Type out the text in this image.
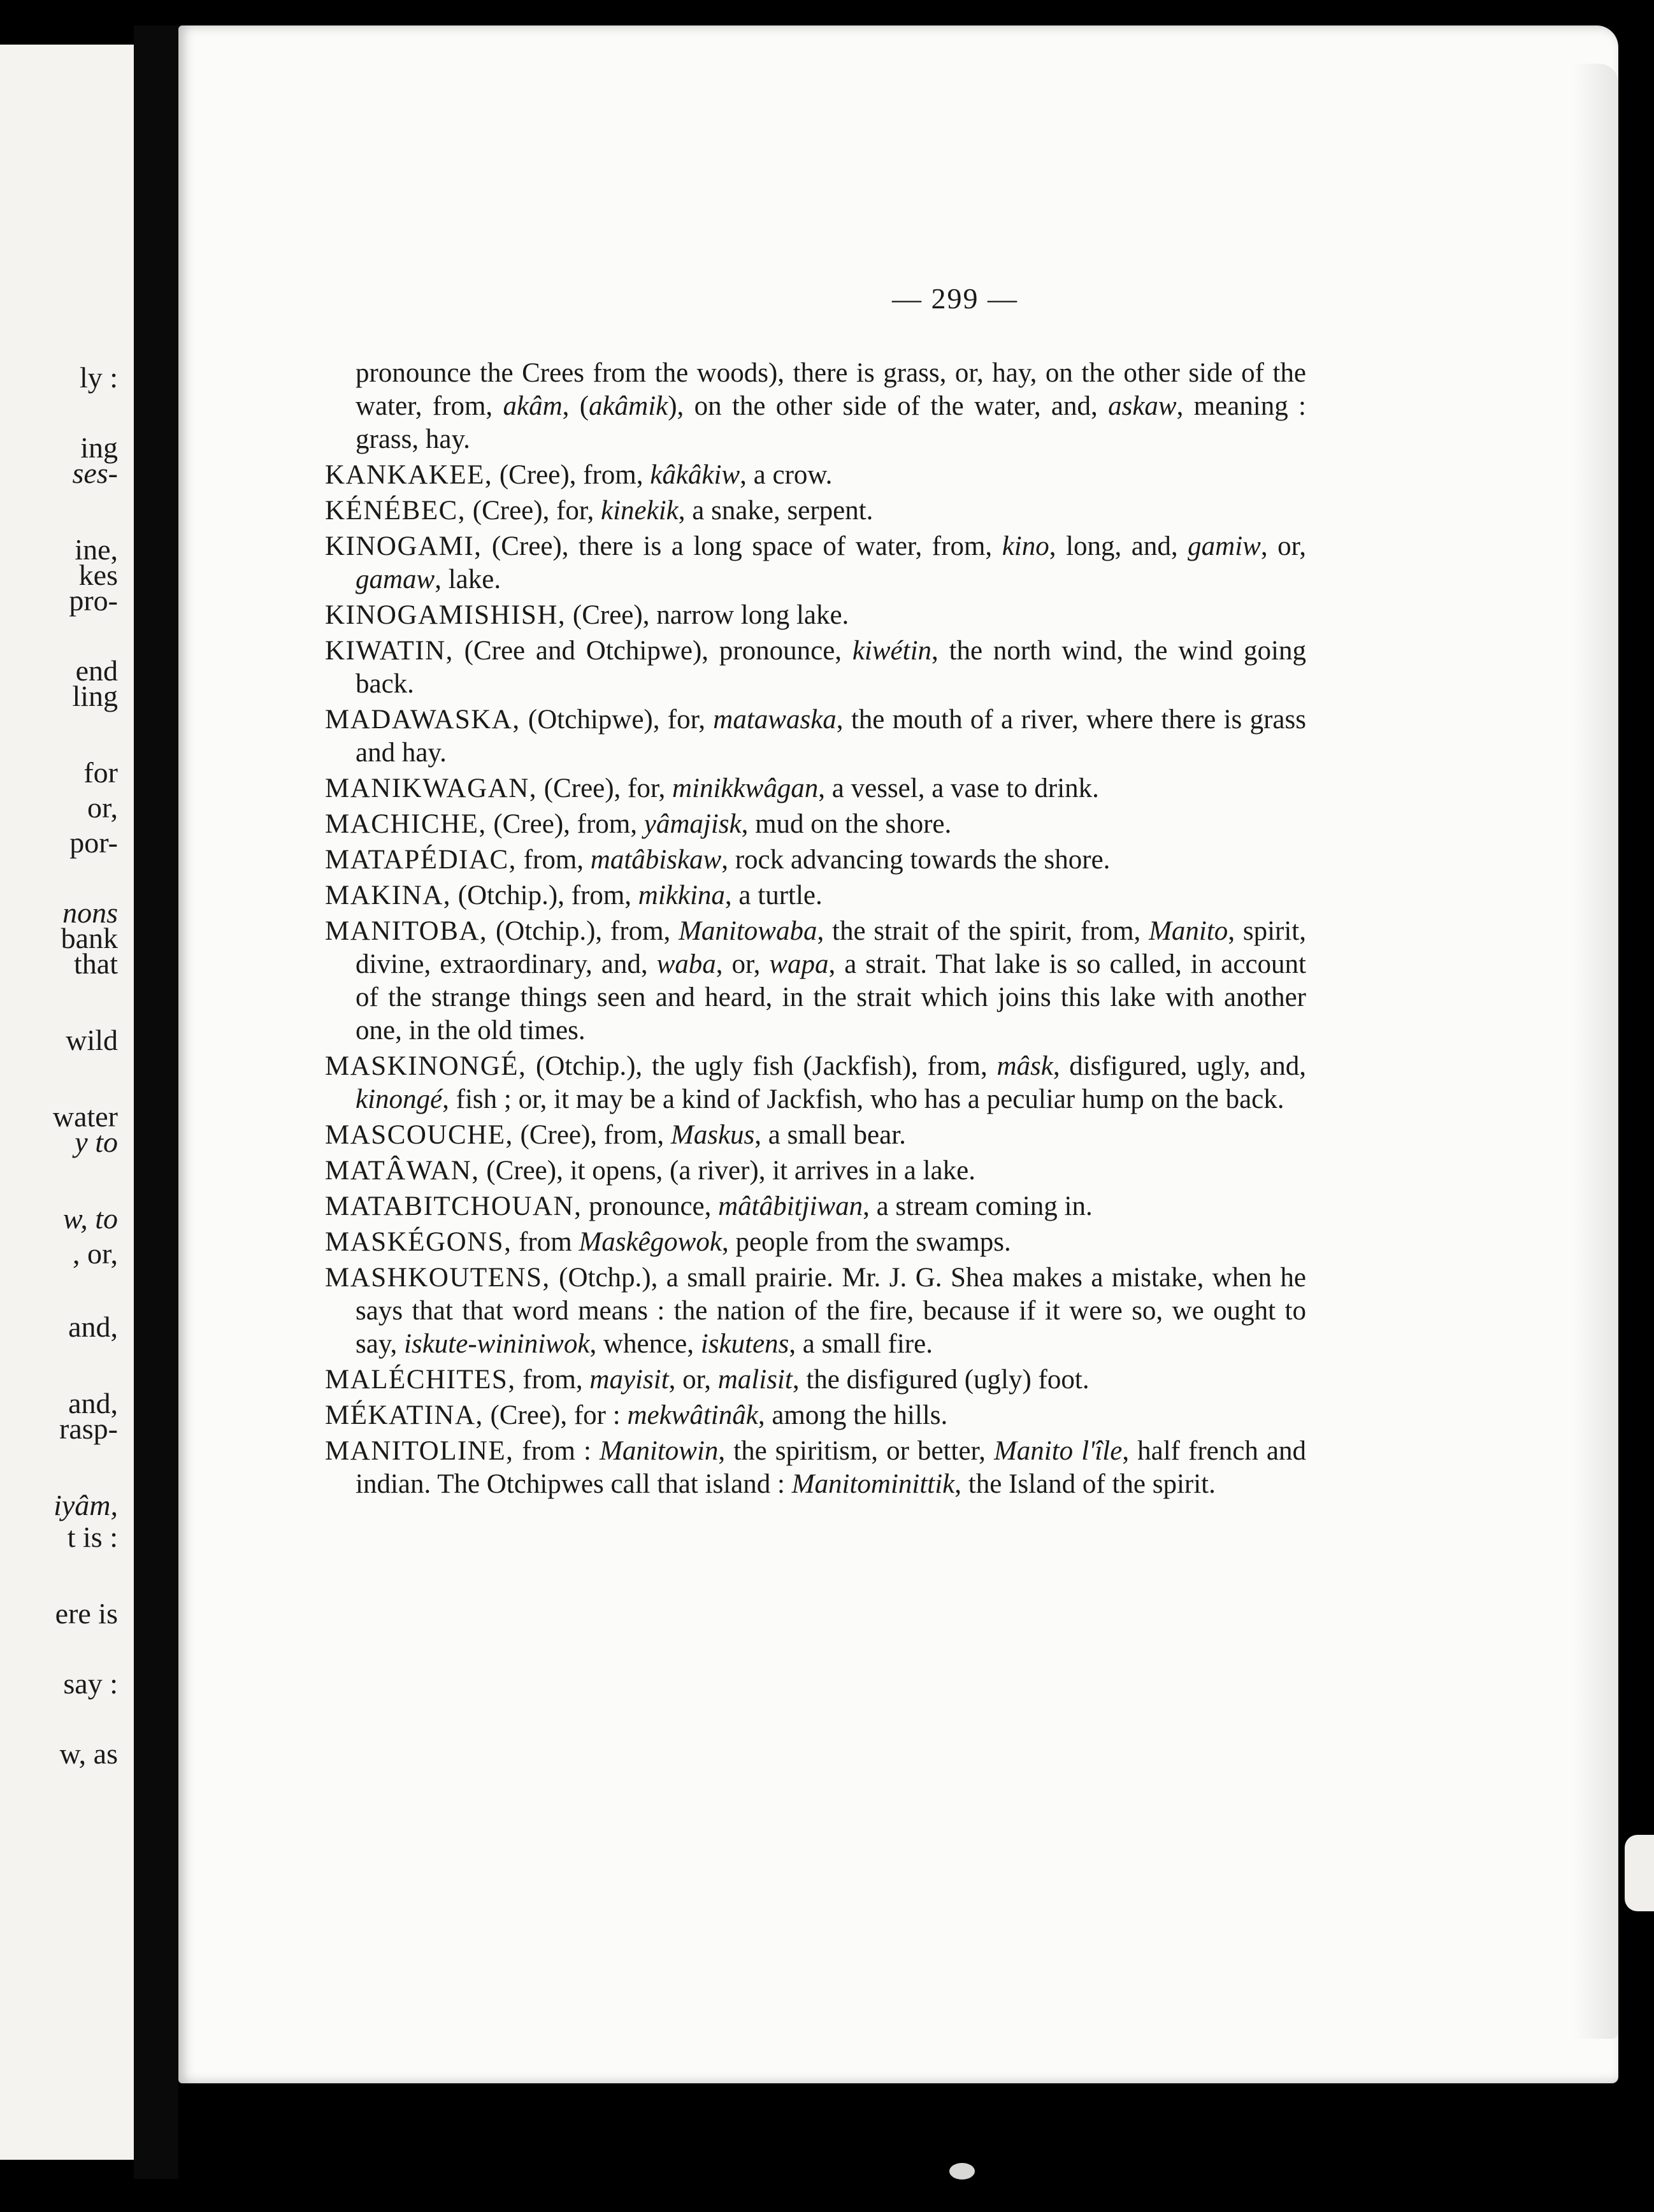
ly :
ing
ses-
ine,
kes
pro-
end
ling
for
or,
por-
nons
bank
that
wild
water
y to
w, to
, or,
and,
and,
rasp-
iyâm,
t is :
ere is
say :
w, as
— 299 —
pronounce the Crees from the woods), there is grass, or, hay, on the other side of the water, from, akâm, (akâmik), on the other side of the water, and, askaw, meaning : grass, hay.
KANKAKEE, (Cree), from, kâkâkiw, a crow.
KÉNÉBEC, (Cree), for, kinekik, a snake, serpent.
KINOGAMI, (Cree), there is a long space of water, from, kino, long, and, gamiw, or, gamaw, lake.
KINOGAMISHISH, (Cree), narrow long lake.
KIWATIN, (Cree and Otchipwe), pronounce, kiwétin, the north wind, the wind going back.
MADAWASKA, (Otchipwe), for, matawaska, the mouth of a river, where there is grass and hay.
MANIKWAGAN, (Cree), for, minikkwâgan, a vessel, a vase to drink.
MACHICHE, (Cree), from, yâmajisk, mud on the shore.
MATAPÉDIAC, from, matâbiskaw, rock advancing towards the shore.
MAKINA, (Otchip.), from, mikkina, a turtle.
MANITOBA, (Otchip.), from, Manitowaba, the strait of the spirit, from, Manito, spirit, divine, extraordinary, and, waba, or, wapa, a strait. That lake is so called, in account of the strange things seen and heard, in the strait which joins this lake with another one, in the old times.
MASKINONGÉ, (Otchip.), the ugly fish (Jackfish), from, mâsk, disfigured, ugly, and, kinongé, fish ; or, it may be a kind of Jackfish, who has a peculiar hump on the back.
MASCOUCHE, (Cree), from, Maskus, a small bear.
MATÂWAN, (Cree), it opens, (a river), it arrives in a lake.
MATABITCHOUAN, pronounce, mâtâbitjiwan, a stream coming in.
MASKÉGONS, from Maskêgowok, people from the swamps.
MASHKOUTENS, (Otchp.), a small prairie. Mr. J. G. Shea makes a mistake, when he says that that word means : the nation of the fire, because if it were so, we ought to say, iskute-wininiwok, whence, iskutens, a small fire.
MALÉCHITES, from, mayisit, or, malisit, the disfigured (ugly) foot.
MÉKATINA, (Cree), for : mekwâtinâk, among the hills.
MANITOLINE, from : Manitowin, the spiritism, or better, Manito l'île, half french and indian. The Otchipwes call that island : Manitominittik, the Island of the spirit.
